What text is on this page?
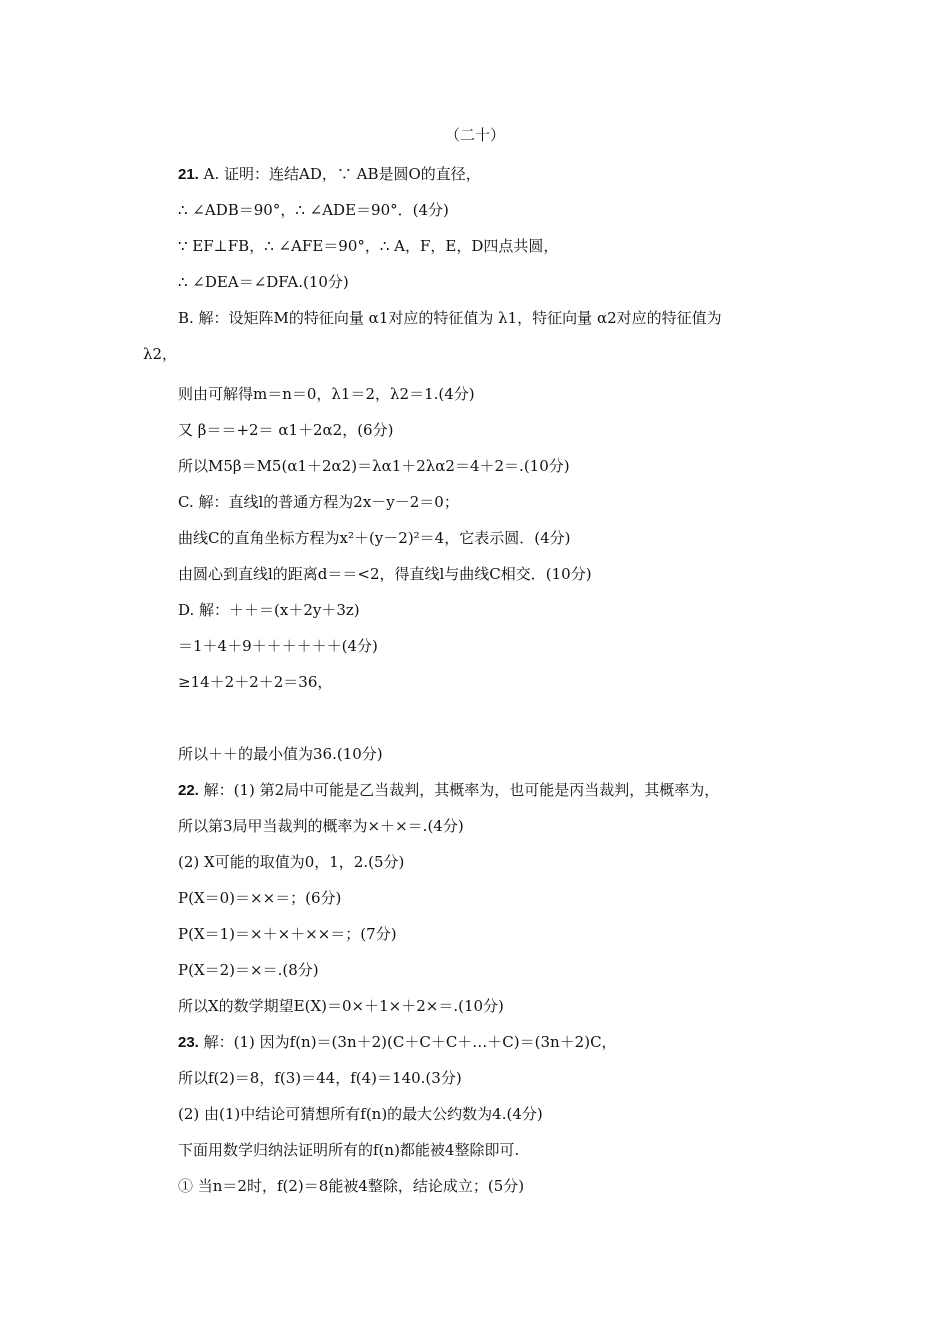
（二十）
21. A. 证明：连结AD，∵ AB是圆O的直径，
∴ ∠ADB＝90°，∴ ∠ADE＝90°．(4分)
∵ EF⊥FB，∴ ∠AFE＝90°，∴ A，F，E，D四点共圆，
∴ ∠DEA＝∠DFA.(10分)
B. 解：设矩阵M的特征向量 α1对应的特征值为 λ1，特征向量 α2对应的特征值为
λ2，
则由可解得m＝n＝0，λ1＝2，λ2＝1.(4分)
又 β＝＝+2＝ α1＋2α2，(6分)
所以M5β＝M5(α1＋2α2)＝λα1＋2λα2＝4＋2＝.(10分)
C. 解：直线l的普通方程为2x－y－2＝0；
曲线C的直角坐标方程为x²＋(y－2)²＝4，它表示圆．(4分)
由圆心到直线l的距离d＝＝<2，得直线l与曲线C相交．(10分)
D. 解：＋＋＝(x＋2y＋3z)
＝1＋4＋9＋＋＋＋＋＋(4分)
≥14＋2＋2＋2＝36，
所以＋＋的最小值为36.(10分)
22. 解：(1) 第2局中可能是乙当裁判，其概率为，也可能是丙当裁判，其概率为，
所以第3局甲当裁判的概率为×＋×＝.(4分)
(2) X可能的取值为0，1，2.(5分)
P(X＝0)＝××＝；(6分)
P(X＝1)＝×＋×＋××＝；(7分)
P(X＝2)＝×＝.(8分)
所以X的数学期望E(X)＝0×＋1×＋2×＝.(10分)
23. 解：(1) 因为f(n)＝(3n＋2)(C＋C＋C＋…＋C)＝(3n＋2)C，
所以f(2)＝8，f(3)＝44，f(4)＝140.(3分)
(2) 由(1)中结论可猜想所有f(n)的最大公约数为4.(4分)
下面用数学归纳法证明所有的f(n)都能被4整除即可.
① 当n＝2时，f(2)＝8能被4整除，结论成立；(5分)
